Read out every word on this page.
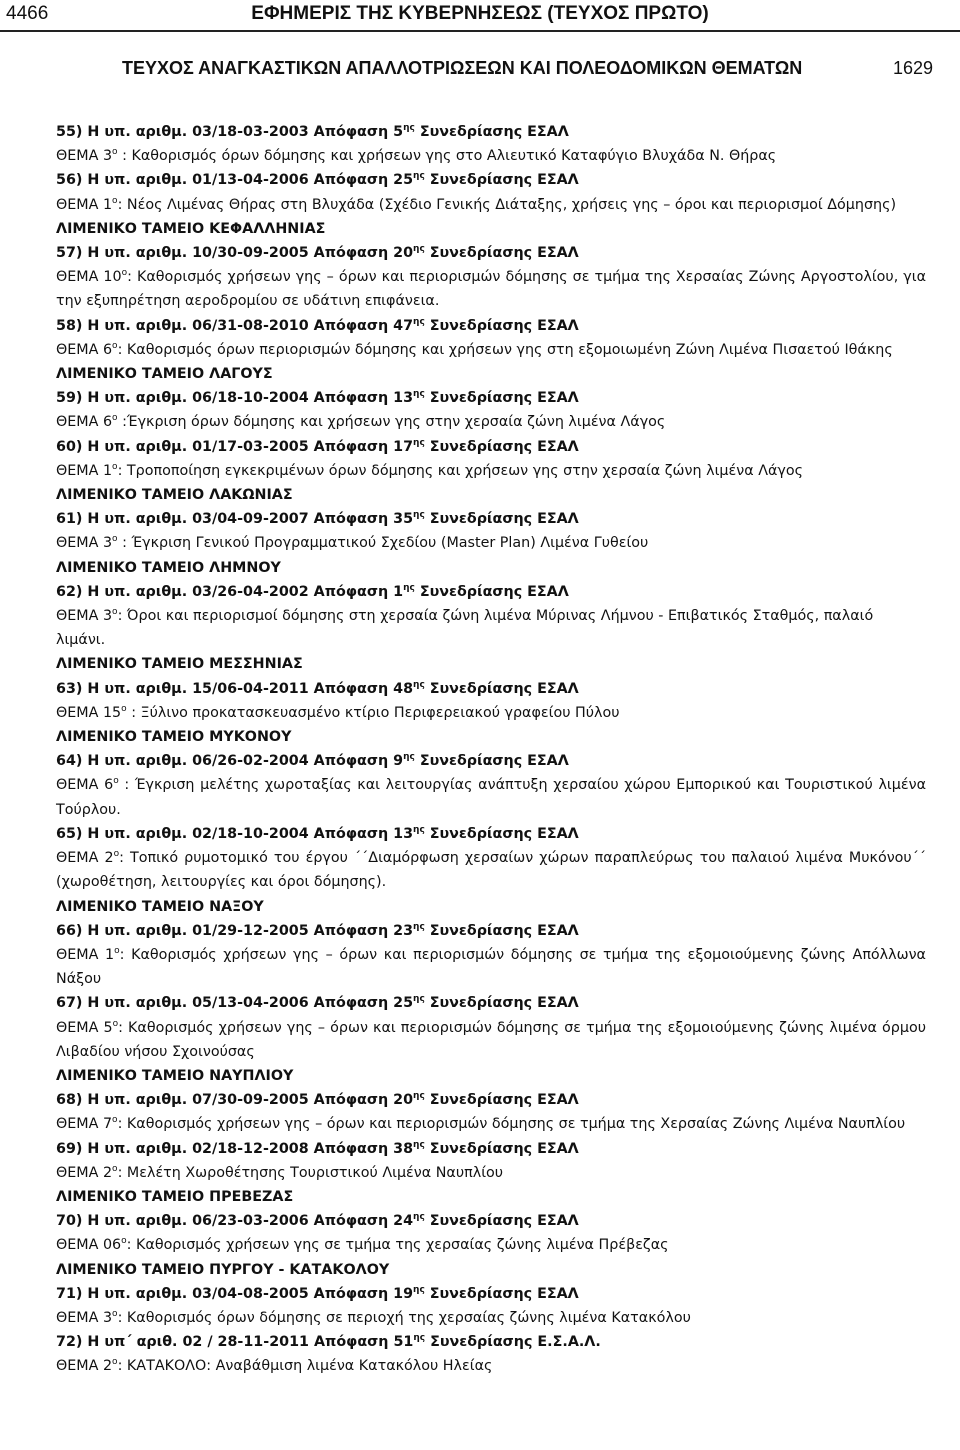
4466	ΕΦΗΜΕΡΙΣ ΤΗΣ ΚΥΒΕΡΝΗΣΕΩΣ (ΤΕΥΧΟΣ ΠΡΩΤΟ)
ΤΕΥΧΟΣ ΑΝΑΓΚΑΣΤΙΚΩΝ ΑΠΑΛΛΟΤΡΙΩΣΕΩΝ ΚΑΙ ΠΟΛΕΟΔΟΜΙΚΩΝ ΘΕΜΑΤΩΝ	1629

55) Η υπ. αριθμ. 03/18-03-2003 Απόφαση $5^{\eta\varsigma}$ Συνεδρίασης ΕΣΑΛ

ΘΕΜΑ $3^o$ : Καθορισμός όρων δόμησης και χρήσεων γης στο Αλιευτικό Καταφύγιο Βλυχάδα Ν. Θήρας

56) Η υπ. αριθμ. 01/13-04-2006 Απόφαση $25^{\eta\varsigma}$ Συνεδρίασης ΕΣΑΛ

ΘΕΜΑ $1^o$: Νέος Λιμένας Θήρας στη Βλυχάδα (Σχέδιο Γενικής Διάταξης, χρήσεις γης – όροι και περιορισμοί Δόμησης)

ΛΙΜΕΝΙΚΟ ΤΑΜΕΙΟ ΚΕΦΑΛΛΗΝΙΑΣ

57) Η υπ. αριθμ. 10/30-09-2005 Απόφαση $20^{\eta\varsigma}$ Συνεδρίασης ΕΣΑΛ

ΘΕΜΑ $10^o$: Καθορισμός χρήσεων γης – όρων και περιορισμών δόμησης σε τμήμα της Χερσαίας Ζώνης Αργοστολίου, για την εξυπηρέτηση αεροδρομίου σε υδάτινη επιφάνεια.

58) Η υπ. αριθμ. 06/31-08-2010 Απόφαση $47^{\eta\varsigma}$ Συνεδρίασης ΕΣΑΛ

ΘΕΜΑ $6^o$: Καθορισμός όρων περιορισμών δόμησης και χρήσεων γης στη εξομοιωμένη Ζώνη Λιμένα Πισαετού Ιθάκης

ΛΙΜΕΝΙΚΟ ΤΑΜΕΙΟ ΛΑΓΟΥΣ

59) Η υπ. αριθμ. 06/18-10-2004 Απόφαση $13^{\eta\varsigma}$ Συνεδρίασης ΕΣΑΛ

ΘΕΜΑ $6^o$ :Έγκριση όρων δόμησης και χρήσεων γης στην χερσαία ζώνη λιμένα Λάγος

60) Η υπ. αριθμ. 01/17-03-2005 Απόφαση $17^{\eta\varsigma}$ Συνεδρίασης ΕΣΑΛ

ΘΕΜΑ $1^o$: Τροποποίηση εγκεκριμένων όρων δόμησης και χρήσεων γης στην χερσαία ζώνη λιμένα Λάγος

ΛΙΜΕΝΙΚΟ ΤΑΜΕΙΟ ΛΑΚΩΝΙΑΣ

61) Η υπ. αριθμ. 03/04-09-2007 Απόφαση $35^{\eta\varsigma}$ Συνεδρίασης ΕΣΑΛ

ΘΕΜΑ $3^o$ : Έγκριση Γενικού Προγραμματικού Σχεδίου (Master Plan) Λιμένα Γυθείου

ΛΙΜΕΝΙΚΟ ΤΑΜΕΙΟ ΛΗΜΝΟΥ

62) Η υπ. αριθμ. 03/26-04-2002 Απόφαση $1^{\eta\varsigma}$ Συνεδρίασης ΕΣΑΛ

ΘΕΜΑ $3^o$: Όροι και περιορισμοί δόμησης στη χερσαία ζώνη λιμένα Μύρινας Λήμνου - Επιβατικός Σταθμός, παλαιό λιμάνι.

ΛΙΜΕΝΙΚΟ ΤΑΜΕΙΟ ΜΕΣΣΗΝΙΑΣ

63) Η υπ. αριθμ. 15/06-04-2011 Απόφαση $48^{\eta\varsigma}$ Συνεδρίασης ΕΣΑΛ

ΘΕΜΑ $15^o$ : Ξύλινο προκατασκευασμένο κτίριο Περιφερειακού γραφείου Πύλου

ΛΙΜΕΝΙΚΟ ΤΑΜΕΙΟ ΜΥΚΟΝΟΥ

64) Η υπ. αριθμ. 06/26-02-2004 Απόφαση $9^{\eta\varsigma}$ Συνεδρίασης ΕΣΑΛ

ΘΕΜΑ $6^o$ : Έγκριση μελέτης χωροταξίας και λειτουργίας ανάπτυξη χερσαίου χώρου Εμπορικού και Τουριστικού λιμένα Τούρλου.

65) Η υπ. αριθμ. 02/18-10-2004 Απόφαση $13^{\eta\varsigma}$ Συνεδρίασης ΕΣΑΛ

ΘΕΜΑ $2^o$: Τοπικό ρυμοτομικό του έργου ΄΄Διαμόρφωση χερσαίων χώρων παραπλεύρως του παλαιού λιμένα Μυκόνου΄΄ (χωροθέτηση, λειτουργίες και όροι δόμησης).

ΛΙΜΕΝΙΚΟ ΤΑΜΕΙΟ ΝΑΞΟΥ

66) Η υπ. αριθμ. 01/29-12-2005 Απόφαση $23^{\eta\varsigma}$ Συνεδρίασης ΕΣΑΛ

ΘΕΜΑ $1^o$: Καθορισμός χρήσεων γης – όρων και περιορισμών δόμησης σε τμήμα της εξομοιούμενης ζώνης Απόλλωνα Νάξου

67) Η υπ. αριθμ. 05/13-04-2006 Απόφαση $25^{\eta\varsigma}$ Συνεδρίασης ΕΣΑΛ

ΘΕΜΑ $5^o$: Καθορισμός χρήσεων γης – όρων και περιορισμών δόμησης σε τμήμα της εξομοιούμενης ζώνης λιμένα όρμου Λιβαδίου νήσου Σχοινούσας

ΛΙΜΕΝΙΚΟ ΤΑΜΕΙΟ ΝΑΥΠΛΙΟΥ

68) Η υπ. αριθμ. 07/30-09-2005 Απόφαση $20^{\eta\varsigma}$ Συνεδρίασης ΕΣΑΛ

ΘΕΜΑ $7^o$: Καθορισμός χρήσεων γης – όρων και περιορισμών δόμησης σε τμήμα της Χερσαίας Ζώνης Λιμένα Ναυπλίου

69) Η υπ. αριθμ. 02/18-12-2008 Απόφαση $38^{\eta\varsigma}$ Συνεδρίασης ΕΣΑΛ

ΘΕΜΑ $2^o$: Μελέτη Χωροθέτησης Τουριστικού Λιμένα Ναυπλίου

ΛΙΜΕΝΙΚΟ ΤΑΜΕΙΟ ΠΡΕΒΕΖΑΣ

70) Η υπ. αριθμ. 06/23-03-2006 Απόφαση $24^{\eta\varsigma}$ Συνεδρίασης ΕΣΑΛ

ΘΕΜΑ $06^o$: Καθορισμός χρήσεων γης σε τμήμα της χερσαίας ζώνης λιμένα Πρέβεζας

ΛΙΜΕΝΙΚΟ ΤΑΜΕΙΟ ΠΥΡΓΟΥ - ΚΑΤΑΚΟΛΟΥ

71) Η υπ. αριθμ. 03/04-08-2005 Απόφαση $19^{\eta\varsigma}$ Συνεδρίασης ΕΣΑΛ

ΘΕΜΑ $3^o$: Καθορισμός όρων δόμησης σε περιοχή της χερσαίας ζώνης λιμένα Κατακόλου

72) Η υπ΄ αριθ. 02 / 28-11-2011 Απόφαση $51^{\eta\varsigma}$ Συνεδρίασης Ε.Σ.Α.Λ.

ΘΕΜΑ $2^o$: ΚΑΤΑΚΟΛΟ: Αναβάθμιση λιμένα Κατακόλου Ηλείας
